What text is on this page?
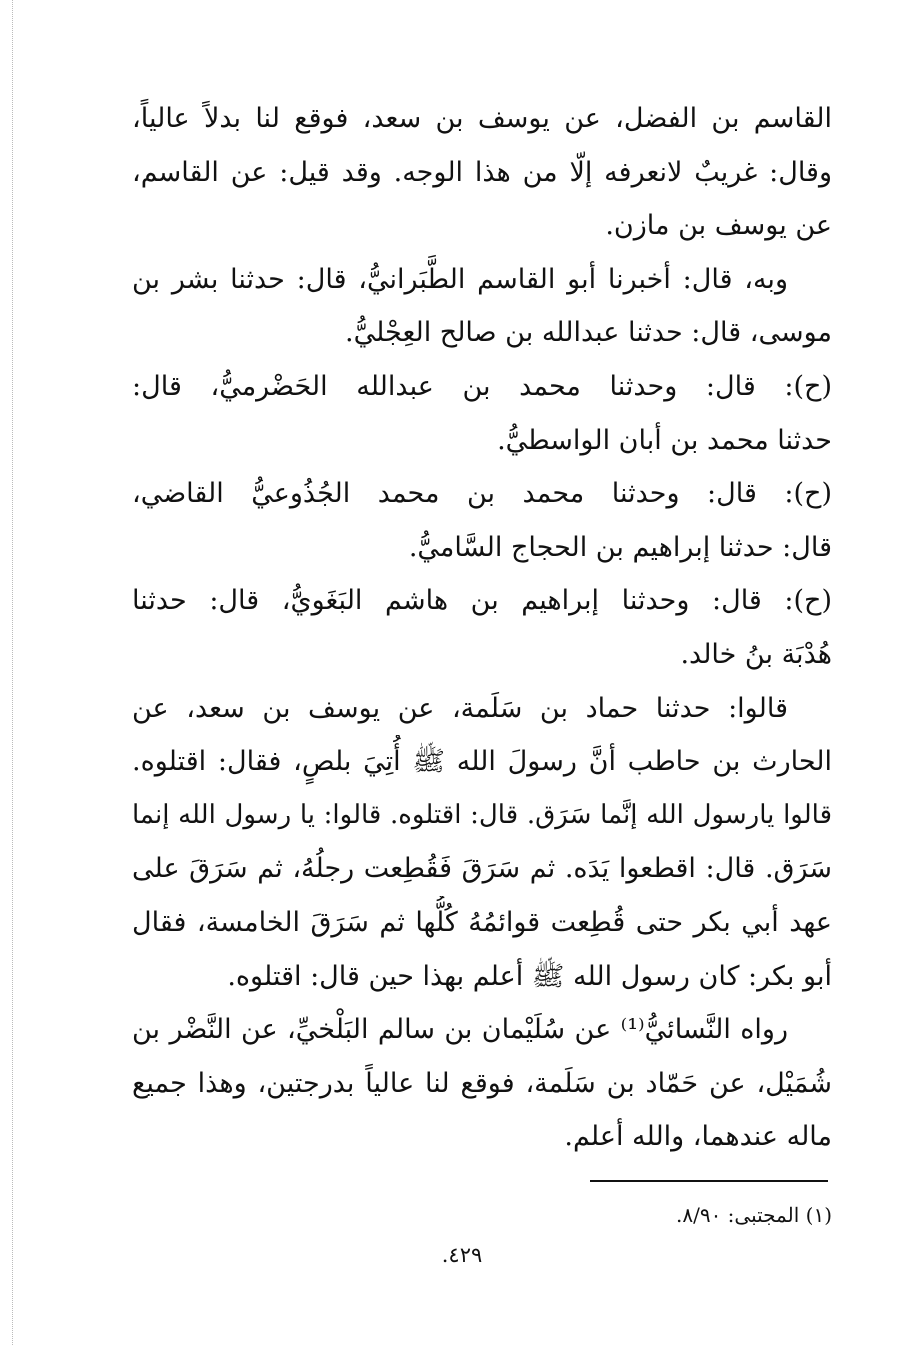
القاسم بن الفضل، عن يوسف بن سعد، فوقع لنا بدلاً عالياً،
وقال: غريبٌ لانعرفه إلّا من هذا الوجه. وقد قيل: عن القاسم،
عن يوسف بن مازن.
وبه، قال: أخبرنا أبو القاسم الطَّبَرانيُّ، قال: حدثنا بشر بن
موسى، قال: حدثنا عبدالله بن صالح العِجْليُّ.
(ح): قال: وحدثنا محمد بن عبدالله الحَضْرميُّ، قال:
حدثنا محمد بن أبان الواسطيُّ.
(ح): قال: وحدثنا محمد بن محمد الجُذُوعيُّ القاضي،
قال: حدثنا إبراهيم بن الحجاج السَّاميُّ.
(ح): قال: وحدثنا إبراهيم بن هاشم البَغَويُّ، قال: حدثنا
هُدْبَة بنُ خالد.
قالوا: حدثنا حماد بن سَلَمة، عن يوسف بن سعد، عن
الحارث بن حاطب أنَّ رسولَ الله ﷺ أُتِيَ بلصٍ، فقال: اقتلوه.
قالوا يارسول الله إنَّما سَرَق. قال: اقتلوه. قالوا: يا رسول الله إنما
سَرَق. قال: اقطعوا يَدَه. ثم سَرَقَ فَقُطِعت رجلُهُ، ثم سَرَقَ على
عهد أبي بكر حتى قُطِعت قوائمُهُ كُلُّها ثم سَرَقَ الخامسة، فقال
أبو بكر: كان رسول الله ﷺ أعلم بهذا حين قال: اقتلوه.
رواه النَّسائيُّ⁽¹⁾ عن سُلَيْمان بن سالم البَلْخيِّ، عن النَّضْر بن
شُمَيْل، عن حَمّاد بن سَلَمة، فوقع لنا عالياً بدرجتين، وهذا جميع
ماله عندهما، والله أعلم.
(١) المجتبى: ٨/٩٠.
.٤٢٩
